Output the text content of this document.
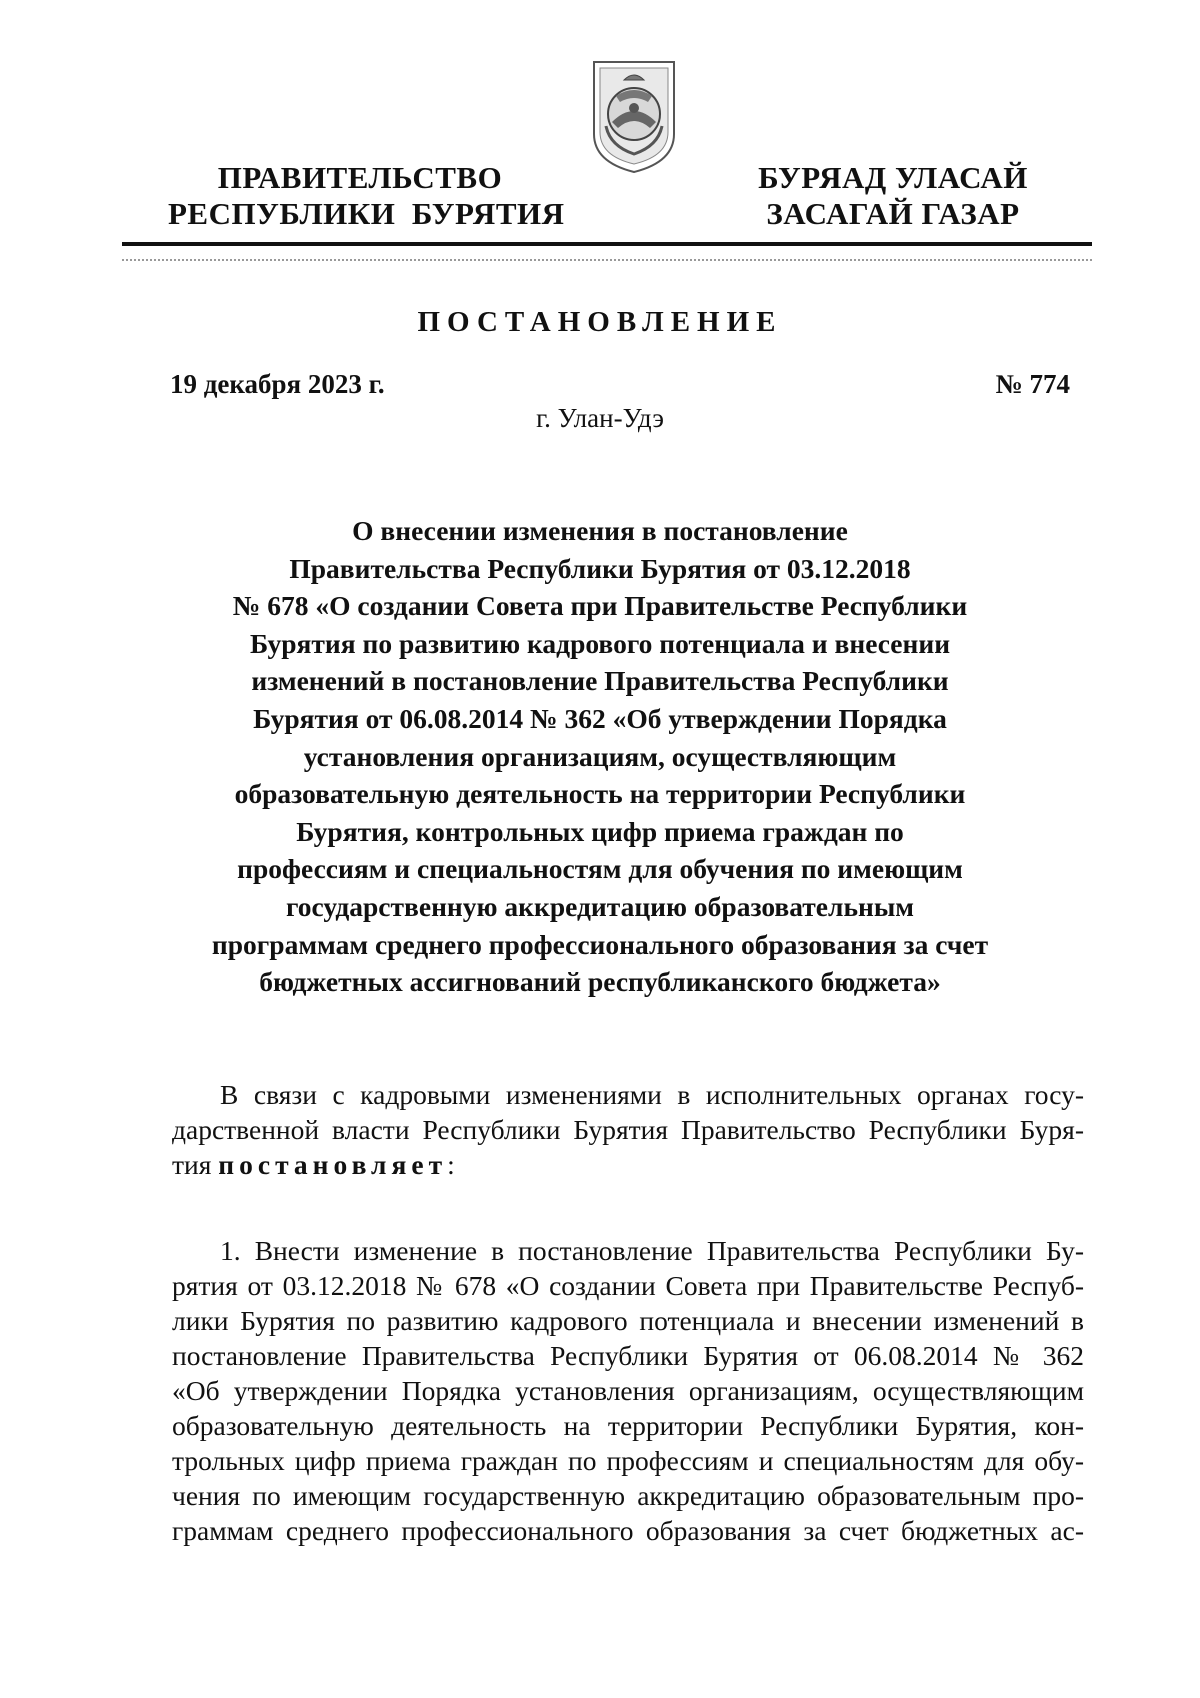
ПРАВИТЕЛЬСТВО
РЕСПУБЛИКИ  БУРЯТИЯ
БУРЯАД УЛАСАЙ
ЗАСАГАЙ ГАЗАР
ПОСТАНОВЛЕНИЕ
19 декабря 2023 г.	№ 774
г. Улан-Удэ
О внесении изменения в постановление
Правительства Республики Бурятия от 03.12.2018
№ 678 «О создании Совета при Правительстве Республики
Бурятия по развитию кадрового потенциала и внесении
изменений в постановление Правительства Республики
Бурятия от 06.08.2014 № 362 «Об утверждении Порядка
установления организациям, осуществляющим
образовательную деятельность на территории Республики
Бурятия, контрольных цифр приема граждан по
профессиям и специальностям для обучения по имеющим
государственную аккредитацию образовательным
программам среднего профессионального образования за счет
бюджетных ассигнований республиканского бюджета»
В связи с кадровыми изменениями в исполнительных органах госу-
дарственной власти Республики Бурятия Правительство Республики Буря-
тия постановляет:
1. Внести изменение в постановление Правительства Республики Бу-
рятия от 03.12.2018 № 678 «О создании Совета при Правительстве Респуб-
лики Бурятия по развитию кадрового потенциала и внесении изменений в
постановление Правительства Республики Бурятия от 06.08.2014 № 362
«Об утверждении Порядка установления организациям, осуществляющим
образовательную деятельность на территории Республики Бурятия, кон-
трольных цифр приема граждан по профессиям и специальностям для обу-
чения по имеющим государственную аккредитацию образовательным про-
граммам среднего профессионального образования за счет бюджетных ас-
